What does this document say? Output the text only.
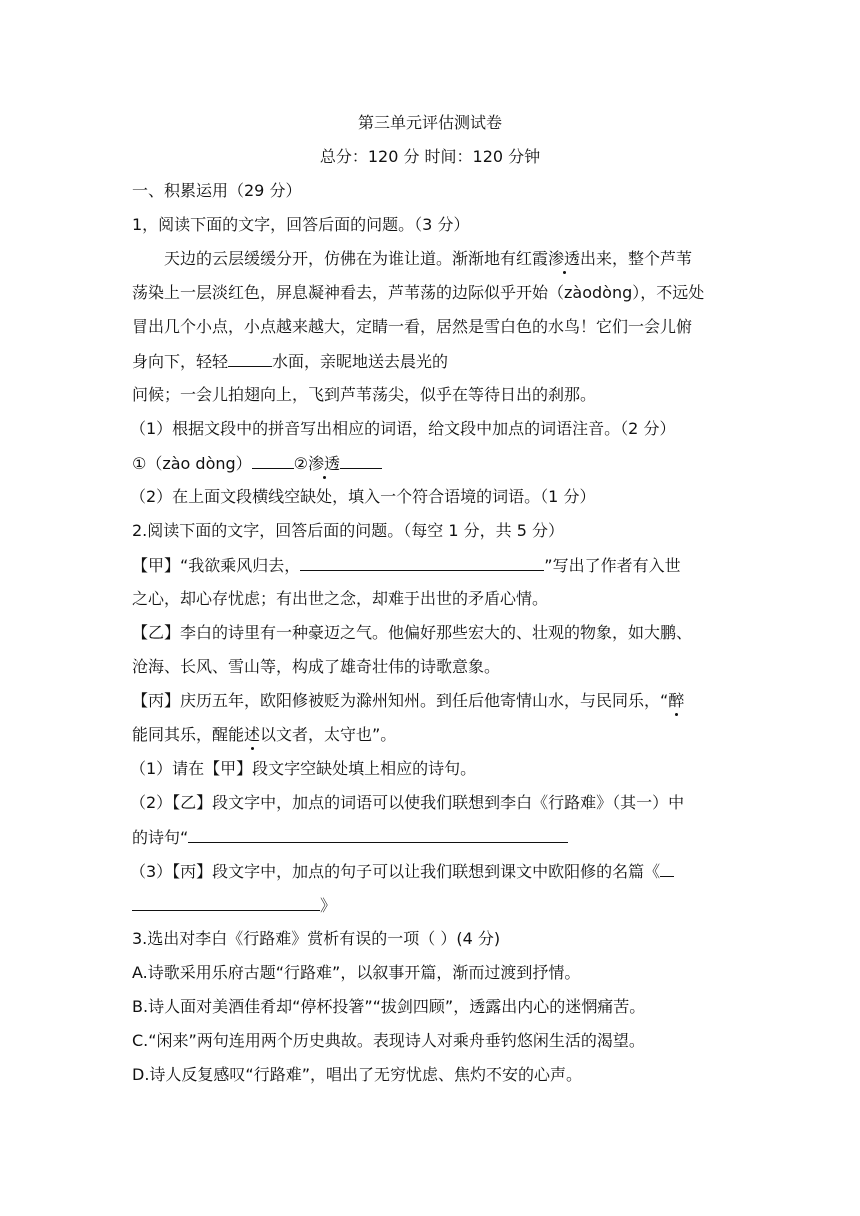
第三单元评估测试卷
总分：120 分 时间：120 分钟
一、积累运用（29 分）
1，阅读下面的文字，回答后面的问题。（3 分）
天边的云层缓缓分开，仿佛在为谁让道。渐渐地有红霞渗透出来，整个芦苇
荡染上一层淡红色，屏息凝神看去，芦苇荡的边际似乎开始（zàodòng），不远处
冒出几个小点，小点越来越大，定睛一看，居然是雪白色的水鸟！它们一会儿俯
身向下，轻轻	水面，亲昵地送去晨光的
问候；一会儿拍翅向上，飞到芦苇荡尖，似乎在等待日出的刹那。
（1）根据文段中的拼音写出相应的词语，给文段中加点的词语注音。（2 分）
①（zào dòng）	②渗透
（2）在上面文段横线空缺处，填入一个符合语境的词语。（1 分）
2.阅读下面的文字，回答后面的问题。（每空 1 分，共 5 分）
【甲】“我欲乘风归去，	”写出了作者有入世
之心，却心存忧虑；有出世之念，却难于出世的矛盾心情。
【乙】李白的诗里有一种豪迈之气。他偏好那些宏大的、壮观的物象，如大鹏、
沧海、长风、雪山等，构成了雄奇壮伟的诗歌意象。
【丙】庆历五年，欧阳修被贬为滁州知州。到任后他寄情山水，与民同乐，“醉
能同其乐，醒能述以文者，太守也”。
（1）请在【甲】段文字空缺处填上相应的诗句。
（2）【乙】段文字中，加点的词语可以使我们联想到李白《行路难》（其一）中
的诗句“
（3）【丙】段文字中，加点的句子可以让我们联想到课文中欧阳修的名篇《
》
3.选出对李白《行路难》赏析有误的一项（ ）(4 分)
A.诗歌采用乐府古题“行路难”，以叙事开篇，渐而过渡到抒情。
B.诗人面对美酒佳肴却“停杯投箸”“拔剑四顾”，透露出内心的迷惘痛苦。
C.“闲来”两句连用两个历史典故。表现诗人对乘舟垂钓悠闲生活的渴望。
D.诗人反复感叹“行路难”，唱出了无穷忧虑、焦灼不安的心声。
